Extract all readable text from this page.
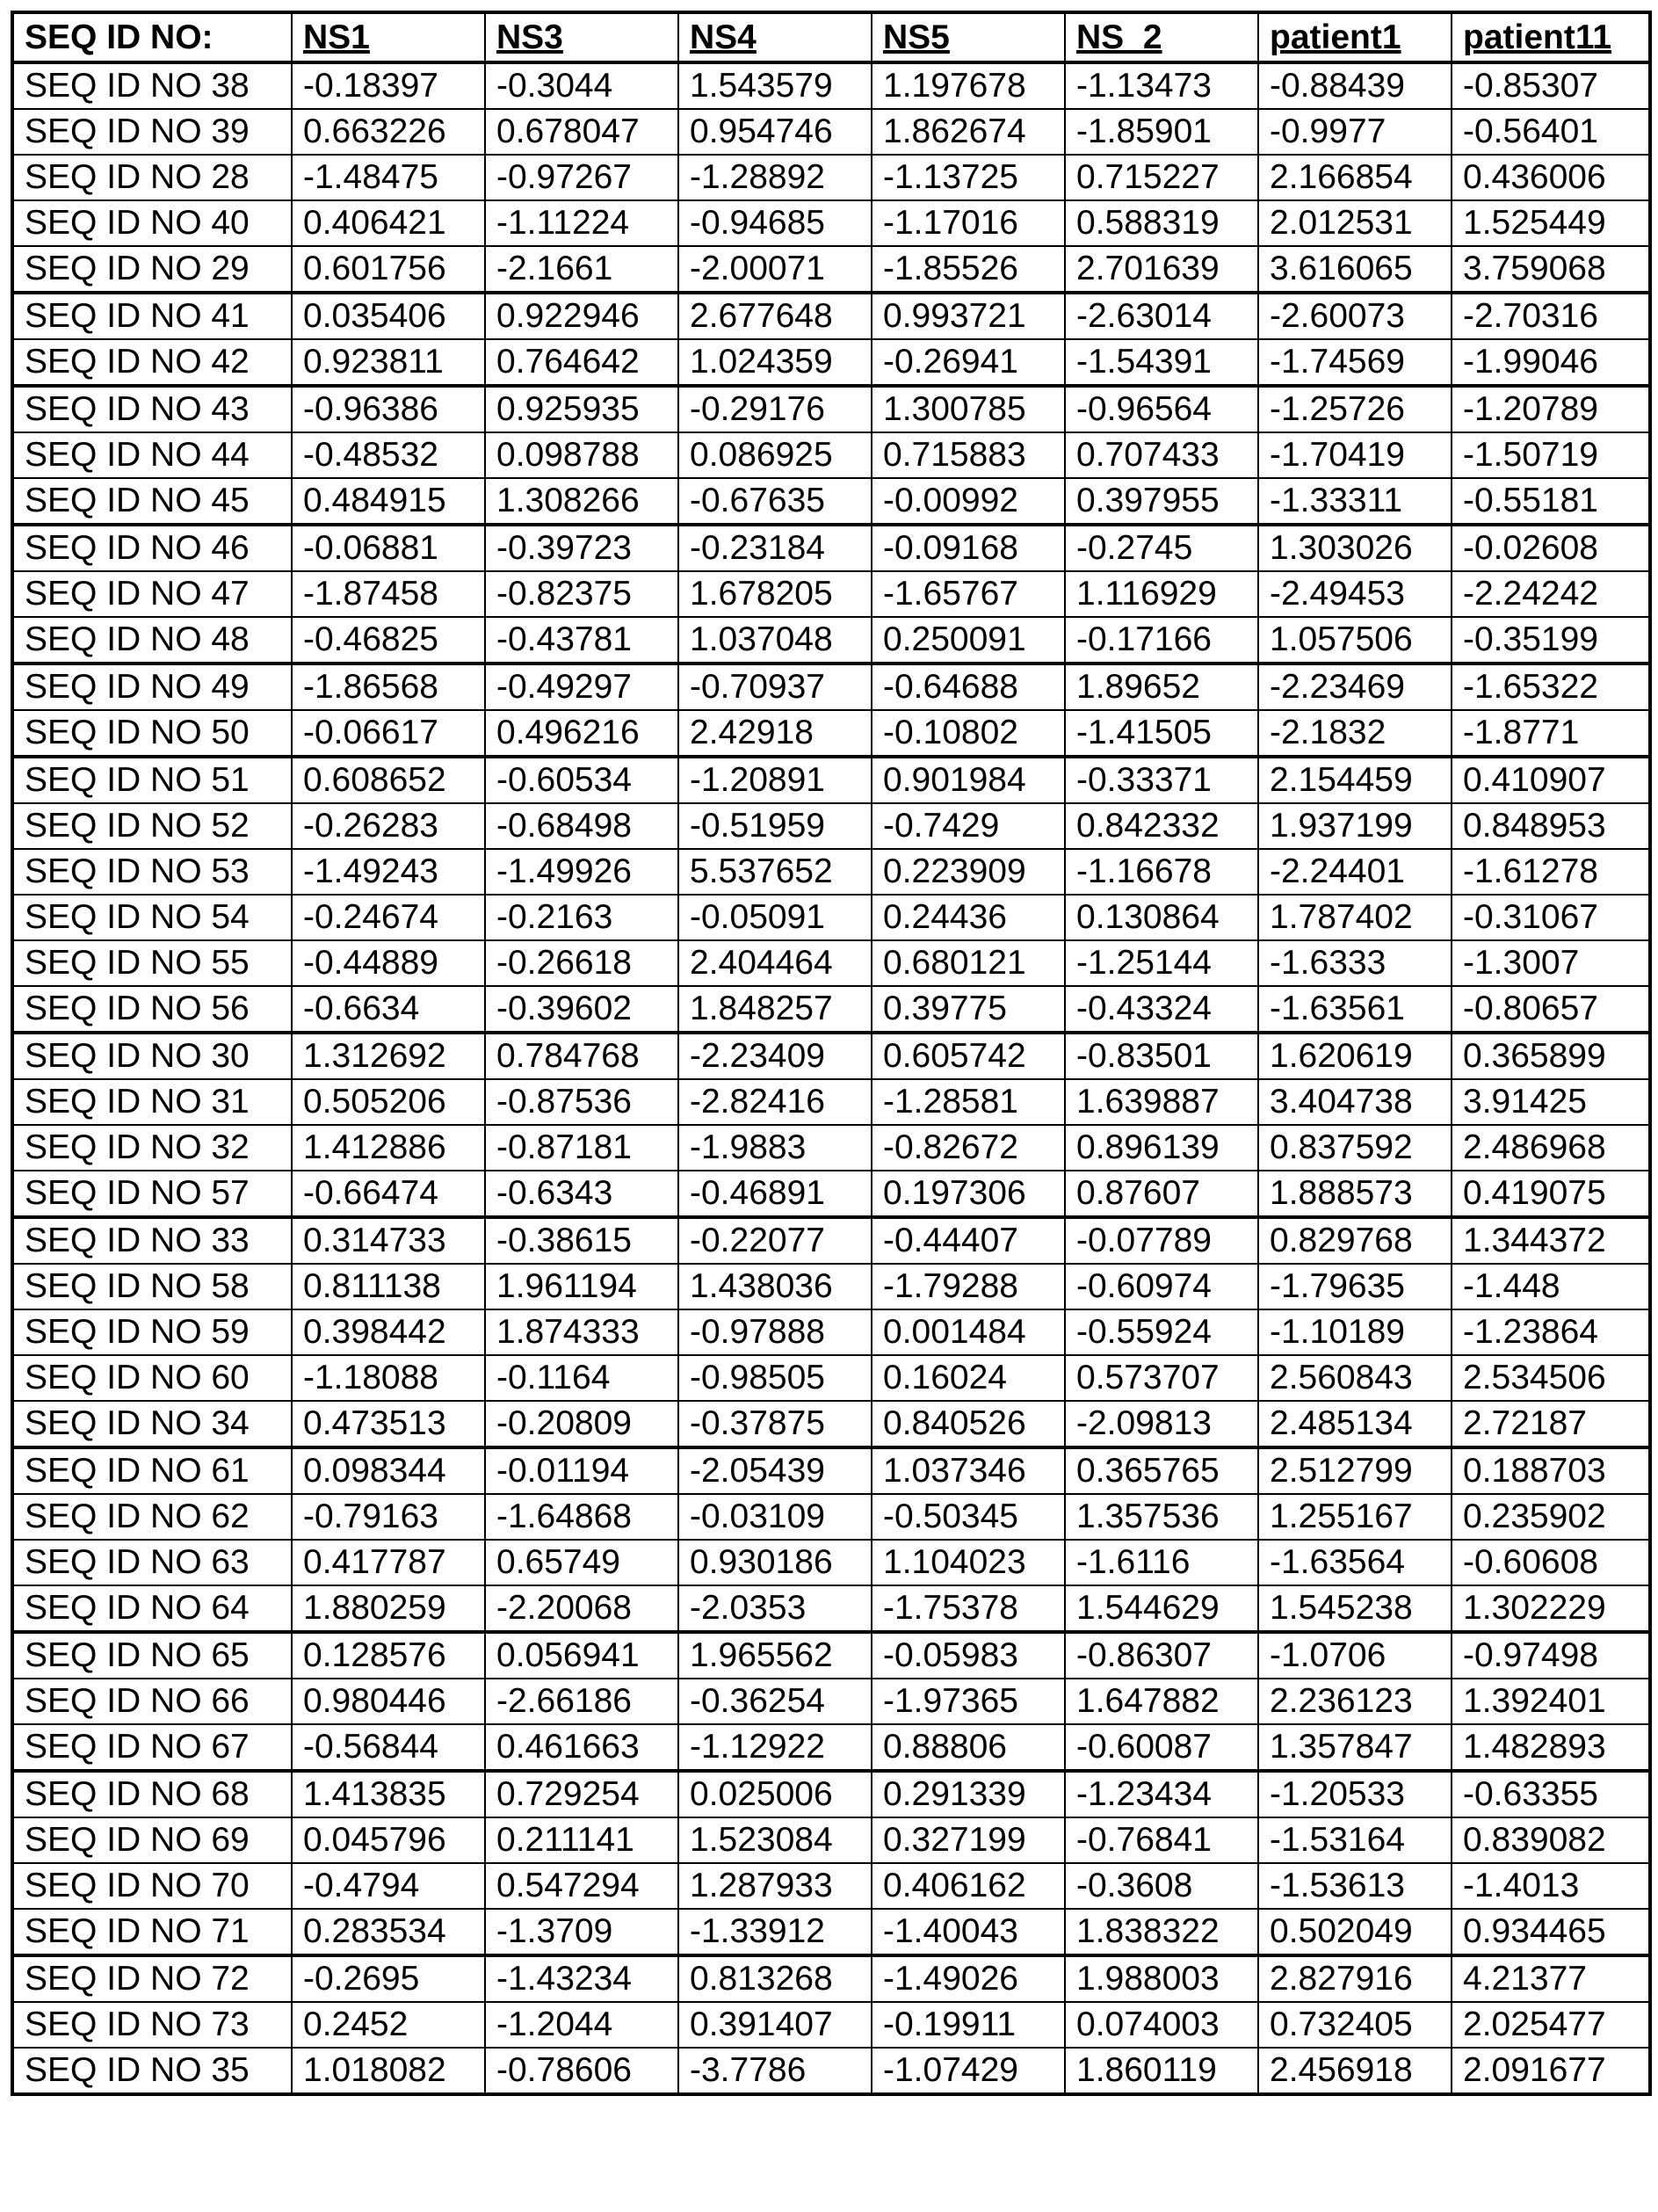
SEQ ID NO:	NS1	NS3	NS4	NS5	NS_2	patient1	patient11
SEQ ID NO 38	-0.18397	-0.3044	1.543579	1.197678	-1.13473	-0.88439	-0.85307
SEQ ID NO 39	0.663226	0.678047	0.954746	1.862674	-1.85901	-0.9977	-0.56401
SEQ ID NO 28	-1.48475	-0.97267	-1.28892	-1.13725	0.715227	2.166854	0.436006
SEQ ID NO 40	0.406421	-1.11224	-0.94685	-1.17016	0.588319	2.012531	1.525449
SEQ ID NO 29	0.601756	-2.1661	-2.00071	-1.85526	2.701639	3.616065	3.759068
SEQ ID NO 41	0.035406	0.922946	2.677648	0.993721	-2.63014	-2.60073	-2.70316
SEQ ID NO 42	0.923811	0.764642	1.024359	-0.26941	-1.54391	-1.74569	-1.99046
SEQ ID NO 43	-0.96386	0.925935	-0.29176	1.300785	-0.96564	-1.25726	-1.20789
SEQ ID NO 44	-0.48532	0.098788	0.086925	0.715883	0.707433	-1.70419	-1.50719
SEQ ID NO 45	0.484915	1.308266	-0.67635	-0.00992	0.397955	-1.33311	-0.55181
SEQ ID NO 46	-0.06881	-0.39723	-0.23184	-0.09168	-0.2745	1.303026	-0.02608
SEQ ID NO 47	-1.87458	-0.82375	1.678205	-1.65767	1.116929	-2.49453	-2.24242
SEQ ID NO 48	-0.46825	-0.43781	1.037048	0.250091	-0.17166	1.057506	-0.35199
SEQ ID NO 49	-1.86568	-0.49297	-0.70937	-0.64688	1.89652	-2.23469	-1.65322
SEQ ID NO 50	-0.06617	0.496216	2.42918	-0.10802	-1.41505	-2.1832	-1.8771
SEQ ID NO 51	0.608652	-0.60534	-1.20891	0.901984	-0.33371	2.154459	0.410907
SEQ ID NO 52	-0.26283	-0.68498	-0.51959	-0.7429	0.842332	1.937199	0.848953
SEQ ID NO 53	-1.49243	-1.49926	5.537652	0.223909	-1.16678	-2.24401	-1.61278
SEQ ID NO 54	-0.24674	-0.2163	-0.05091	0.24436	0.130864	1.787402	-0.31067
SEQ ID NO 55	-0.44889	-0.26618	2.404464	0.680121	-1.25144	-1.6333	-1.3007
SEQ ID NO 56	-0.6634	-0.39602	1.848257	0.39775	-0.43324	-1.63561	-0.80657
SEQ ID NO 30	1.312692	0.784768	-2.23409	0.605742	-0.83501	1.620619	0.365899
SEQ ID NO 31	0.505206	-0.87536	-2.82416	-1.28581	1.639887	3.404738	3.91425
SEQ ID NO 32	1.412886	-0.87181	-1.9883	-0.82672	0.896139	0.837592	2.486968
SEQ ID NO 57	-0.66474	-0.6343	-0.46891	0.197306	0.87607	1.888573	0.419075
SEQ ID NO 33	0.314733	-0.38615	-0.22077	-0.44407	-0.07789	0.829768	1.344372
SEQ ID NO 58	0.811138	1.961194	1.438036	-1.79288	-0.60974	-1.79635	-1.448
SEQ ID NO 59	0.398442	1.874333	-0.97888	0.001484	-0.55924	-1.10189	-1.23864
SEQ ID NO 60	-1.18088	-0.1164	-0.98505	0.16024	0.573707	2.560843	2.534506
SEQ ID NO 34	0.473513	-0.20809	-0.37875	0.840526	-2.09813	2.485134	2.72187
SEQ ID NO 61	0.098344	-0.01194	-2.05439	1.037346	0.365765	2.512799	0.188703
SEQ ID NO 62	-0.79163	-1.64868	-0.03109	-0.50345	1.357536	1.255167	0.235902
SEQ ID NO 63	0.417787	0.65749	0.930186	1.104023	-1.6116	-1.63564	-0.60608
SEQ ID NO 64	1.880259	-2.20068	-2.0353	-1.75378	1.544629	1.545238	1.302229
SEQ ID NO 65	0.128576	0.056941	1.965562	-0.05983	-0.86307	-1.0706	-0.97498
SEQ ID NO 66	0.980446	-2.66186	-0.36254	-1.97365	1.647882	2.236123	1.392401
SEQ ID NO 67	-0.56844	0.461663	-1.12922	0.88806	-0.60087	1.357847	1.482893
SEQ ID NO 68	1.413835	0.729254	0.025006	0.291339	-1.23434	-1.20533	-0.63355
SEQ ID NO 69	0.045796	0.211141	1.523084	0.327199	-0.76841	-1.53164	0.839082
SEQ ID NO 70	-0.4794	0.547294	1.287933	0.406162	-0.3608	-1.53613	-1.4013
SEQ ID NO 71	0.283534	-1.3709	-1.33912	-1.40043	1.838322	0.502049	0.934465
SEQ ID NO 72	-0.2695	-1.43234	0.813268	-1.49026	1.988003	2.827916	4.21377
SEQ ID NO 73	0.2452	-1.2044	0.391407	-0.19911	0.074003	0.732405	2.025477
SEQ ID NO 35	1.018082	-0.78606	-3.7786	-1.07429	1.860119	2.456918	2.091677
